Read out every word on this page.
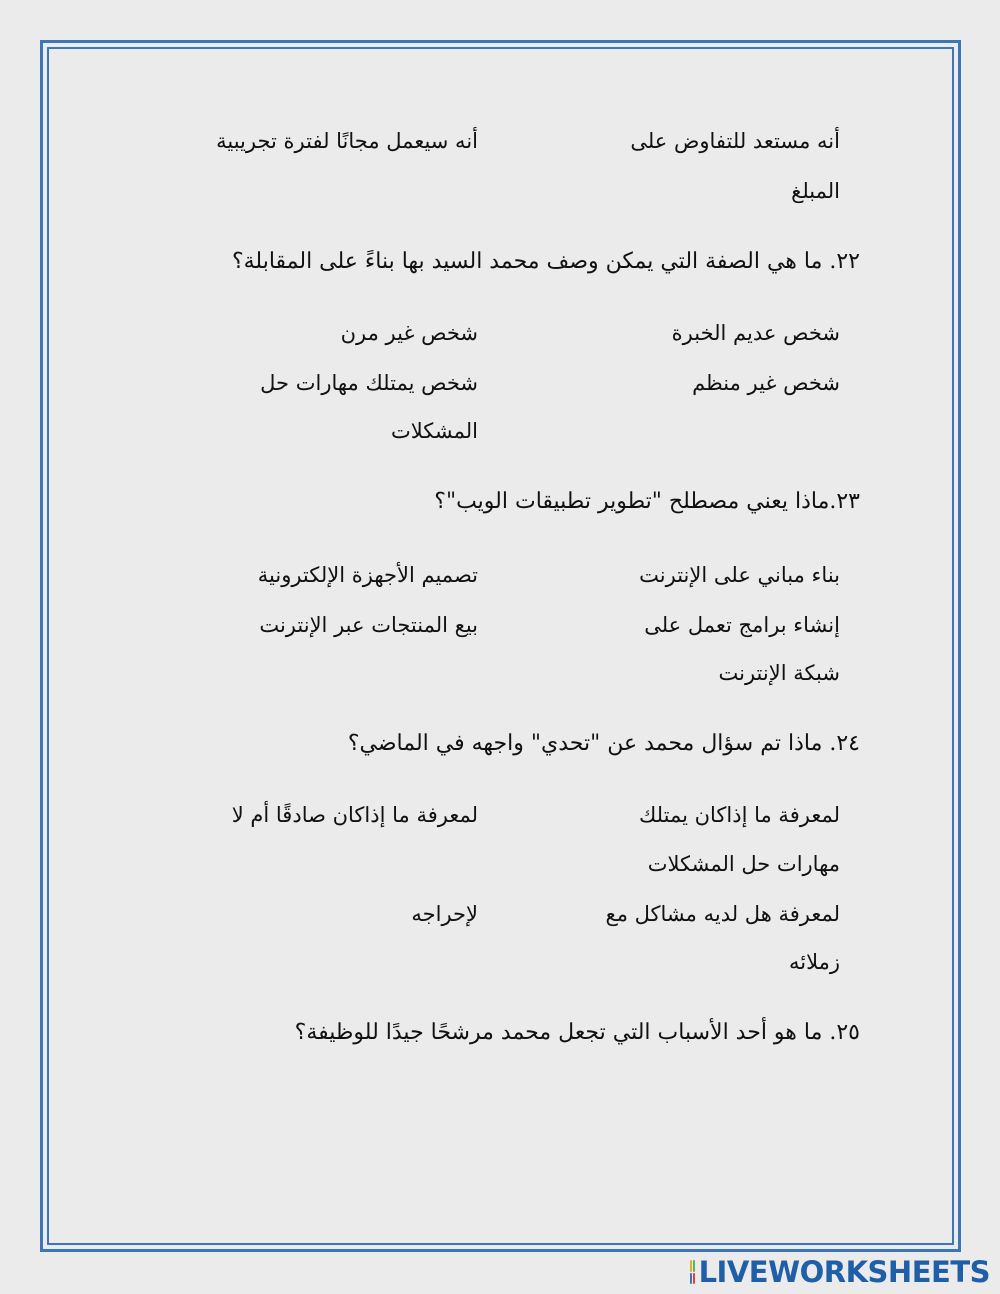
أنه مستعد للتفاوض على
المبلغ
أنه سيعمل مجانًا لفترة تجريبية
٢٢. ما هي الصفة التي يمكن وصف محمد السيد بها بناءً على المقابلة؟
شخص عديم الخبرة
شخص غير مرن
شخص غير منظم
شخص يمتلك مهارات حل
المشكلات
٢٣.ماذا يعني مصطلح "تطوير تطبيقات الويب"؟
بناء مباني على الإنترنت
تصميم الأجهزة الإلكترونية
إنشاء برامج تعمل على
شبكة الإنترنت
بيع المنتجات عبر الإنترنت
٢٤. ماذا تم سؤال محمد عن "تحدي" واجهه في الماضي؟
لمعرفة ما إذاكان يمتلك
مهارات حل المشكلات
لمعرفة ما إذاكان صادقًا أم لا
لمعرفة هل لديه مشاكل مع
زملائه
لإحراجه
٢٥. ما هو أحد الأسباب التي تجعل محمد مرشحًا جيدًا للوظيفة؟
LIVEWORKSHEETS
